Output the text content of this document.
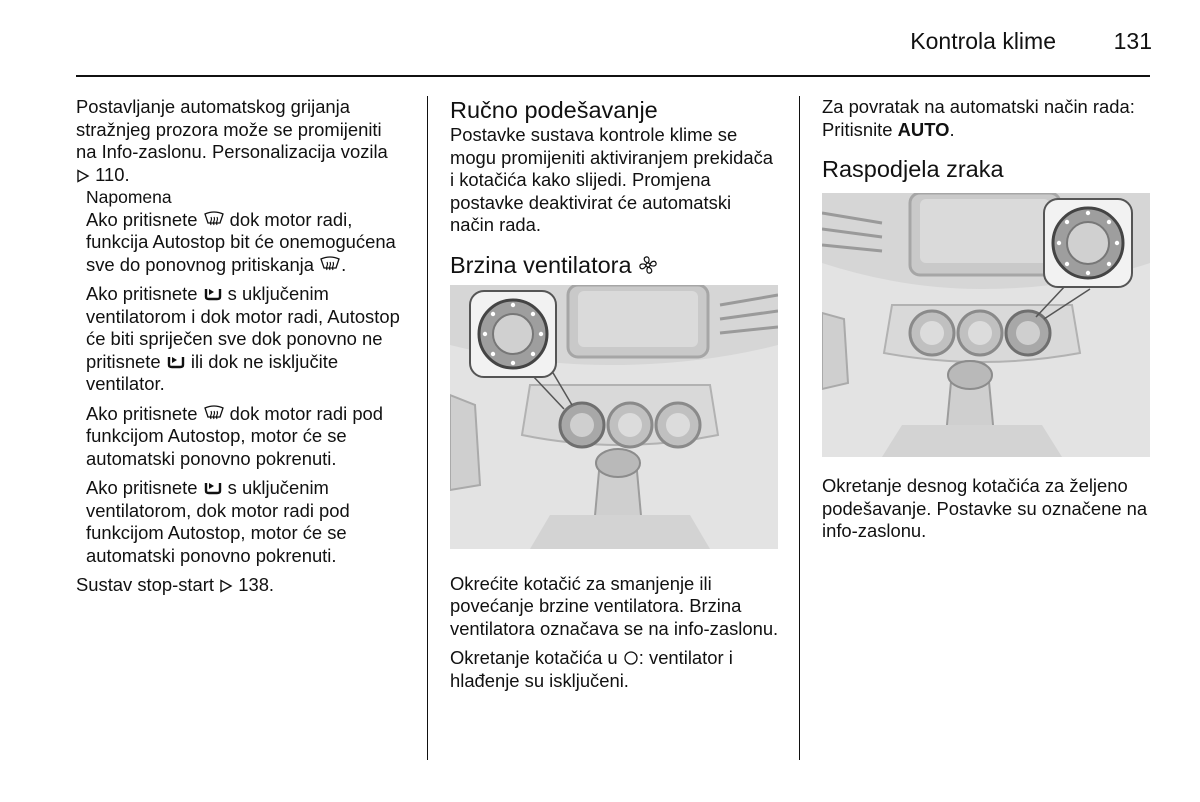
Kontrola klime	131

Postavljanje automatskog grijanja stražnjeg prozora može se promijeniti na Info-zaslonu. Personalizacija vozila  110.

Napomena

Ako pritisnete dok motor radi, funkcija Autostop bit će onemogućena sve do ponovnog pritiskanja .

Ako pritisnete s uključenim ventilatorom i dok motor radi, Autostop će biti spriječen sve dok ponovno ne pritisnete ili dok ne isključite ventilator.

Ako pritisnete dok motor radi pod funkcijom Autostop, motor će se automatski ponovno pokrenuti.

Ako pritisnete s uključenim ventilatorom, dok motor radi pod funkcijom Autostop, motor će se automatski ponovno pokrenuti.

Sustav stop-start 138.

Ručno podešavanje

Postavke sustava kontrole klime se mogu promijeniti aktiviranjem prekidača i kotačića kako slijedi. Promjena postavke deaktivirat će automatski način rada.

Brzina ventilatora

Okrećite kotačić za smanjenje ili povećanje brzine ventilatora. Brzina ventilatora označava se na info-zaslonu.

Okretanje kotačića u : ventilator i hlađenje su isključeni.

Za povratak na automatski način rada: Pritisnite AUTO.

Raspodjela zraka

Okretanje desnog kotačića za željeno podešavanje. Postavke su označene na info-zaslonu.
